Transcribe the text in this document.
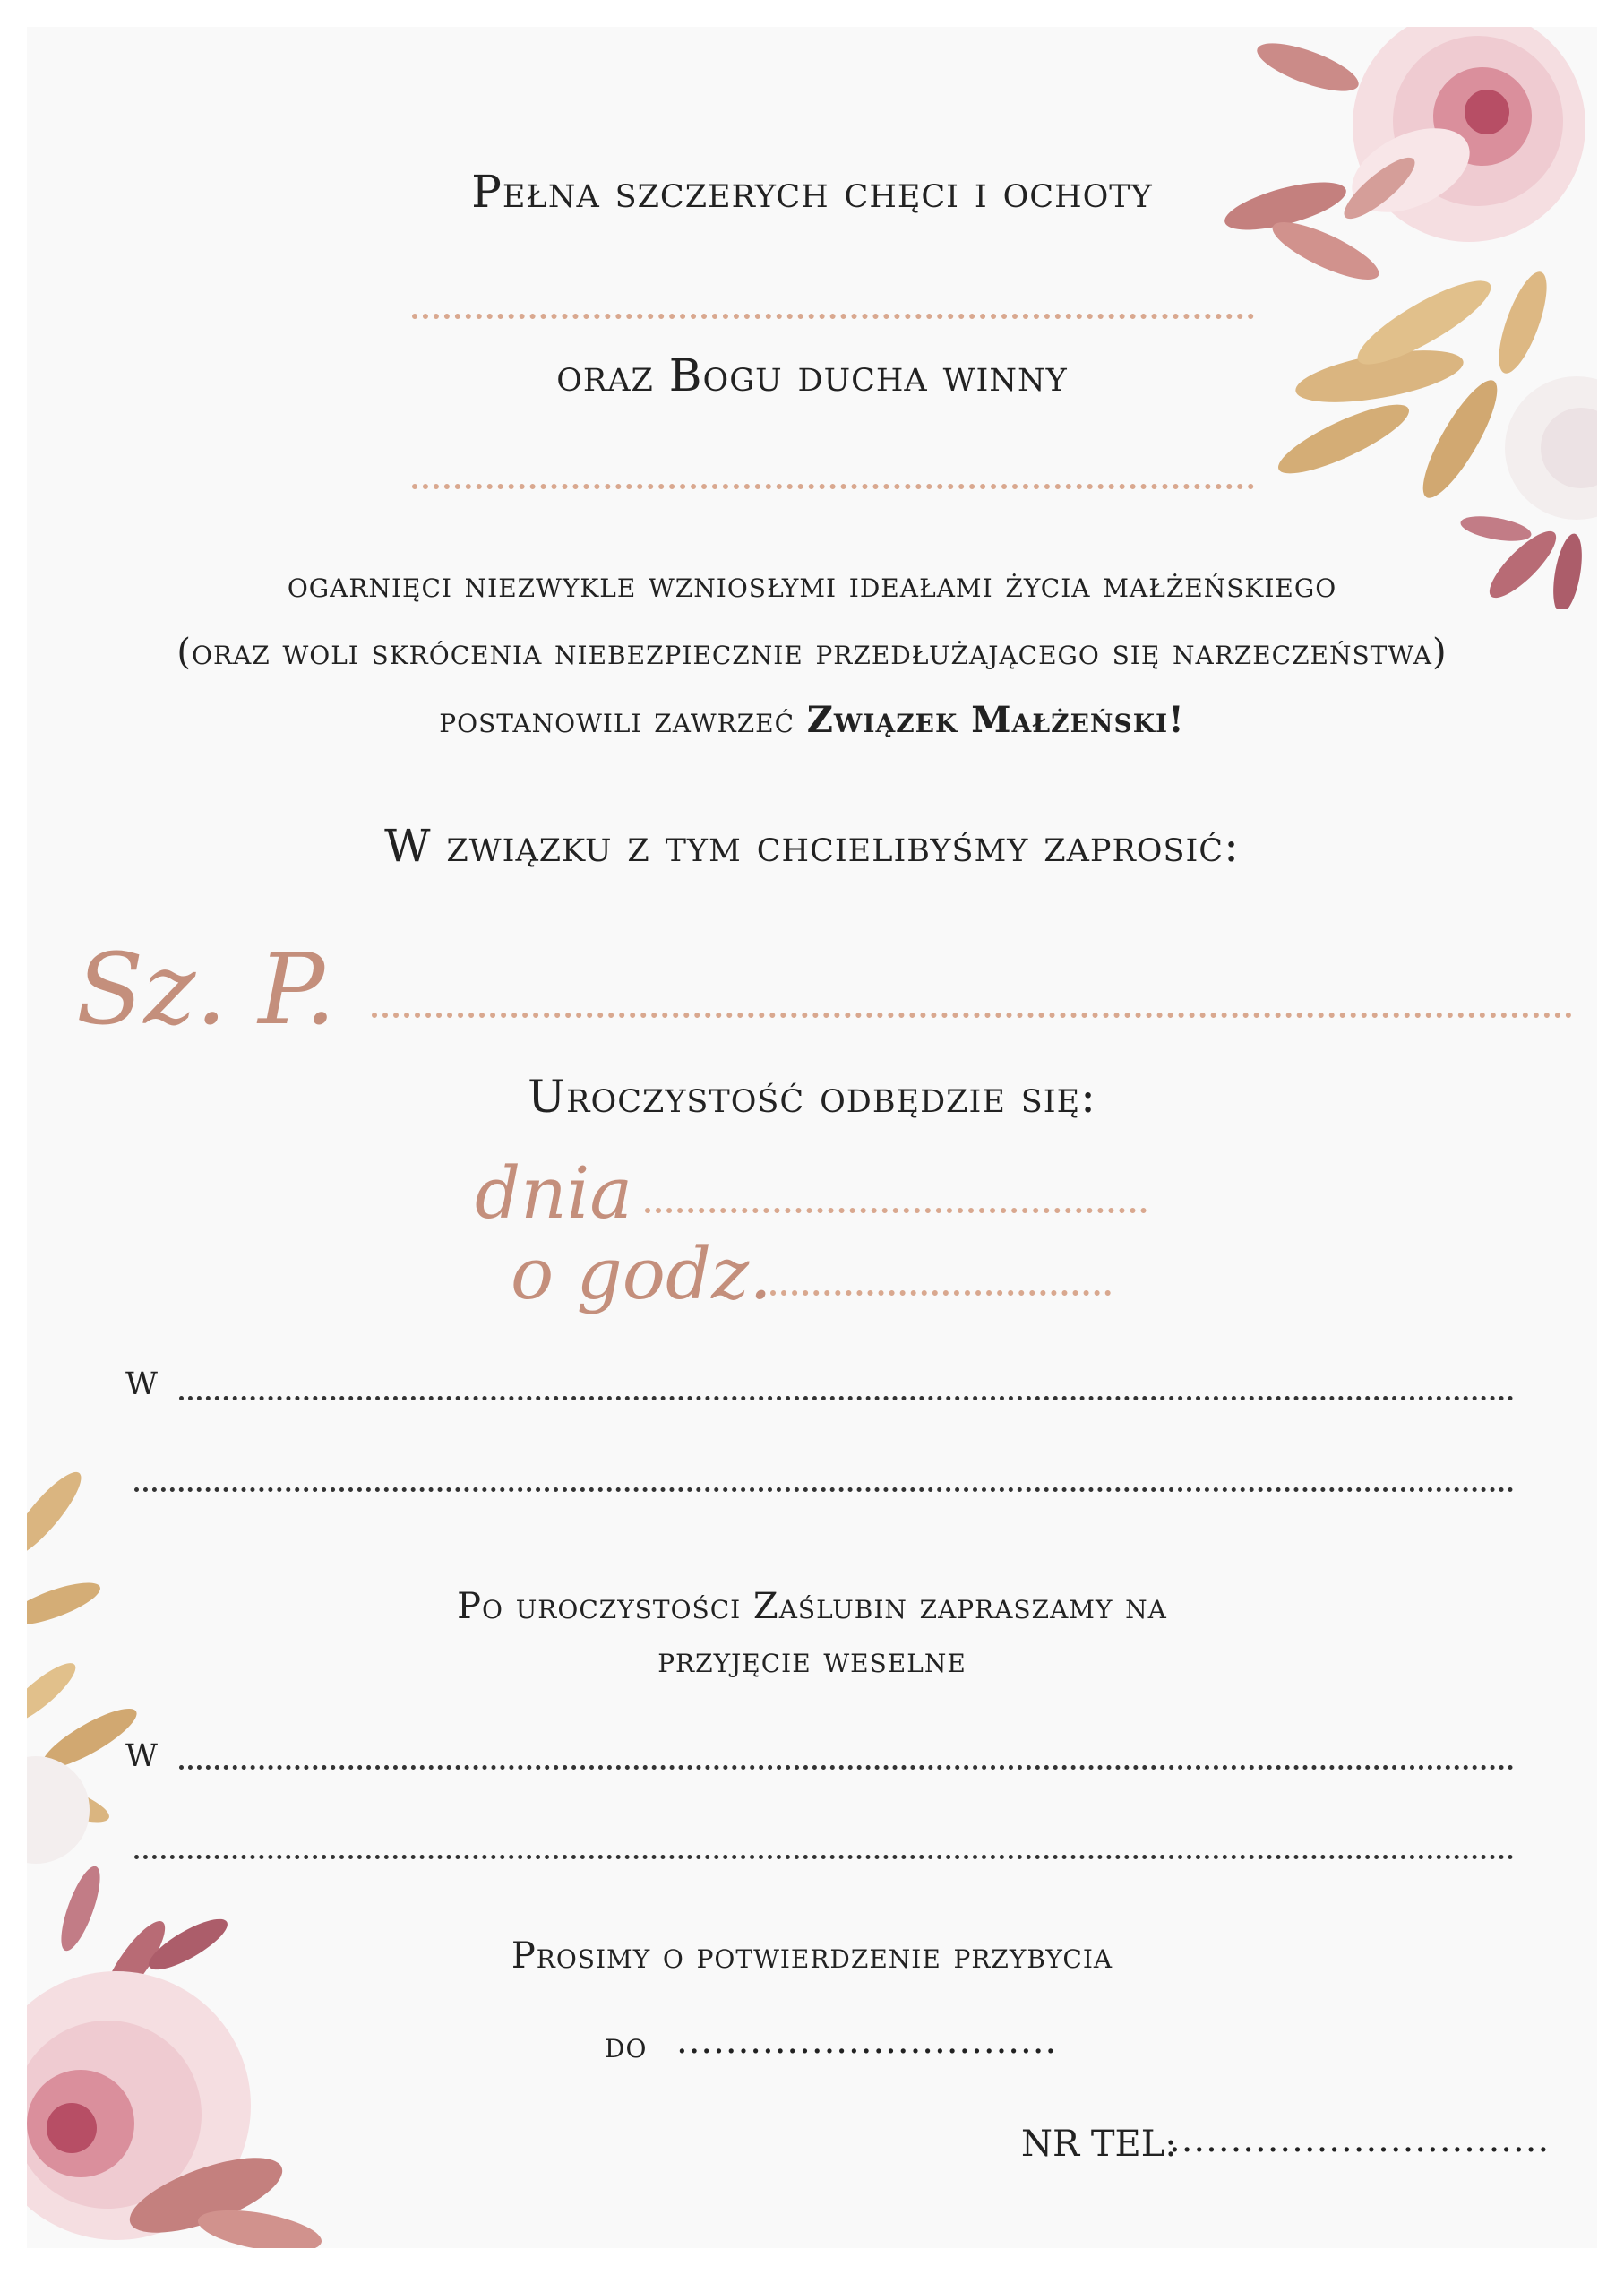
Pełna szczerych chęci i ochoty
oraz Bogu ducha winny
ogarnięci niezwykle wzniosłymi ideałami życia małżeńskiego
(oraz woli skrócenia niebezpiecznie przedłużającego się narzeczeństwa)
postanowili zawrzeć Związek Małżeński!
W związku z tym chcielibyśmy zaprosić:
Sz. P.
Uroczystość odbędzie się:
dnia
o godz.
w
Po uroczystości Zaślubin zapraszamy na
przyjęcie weselne
w
Prosimy o potwierdzenie przybycia
do ...............................
NR TEL:
...............................
